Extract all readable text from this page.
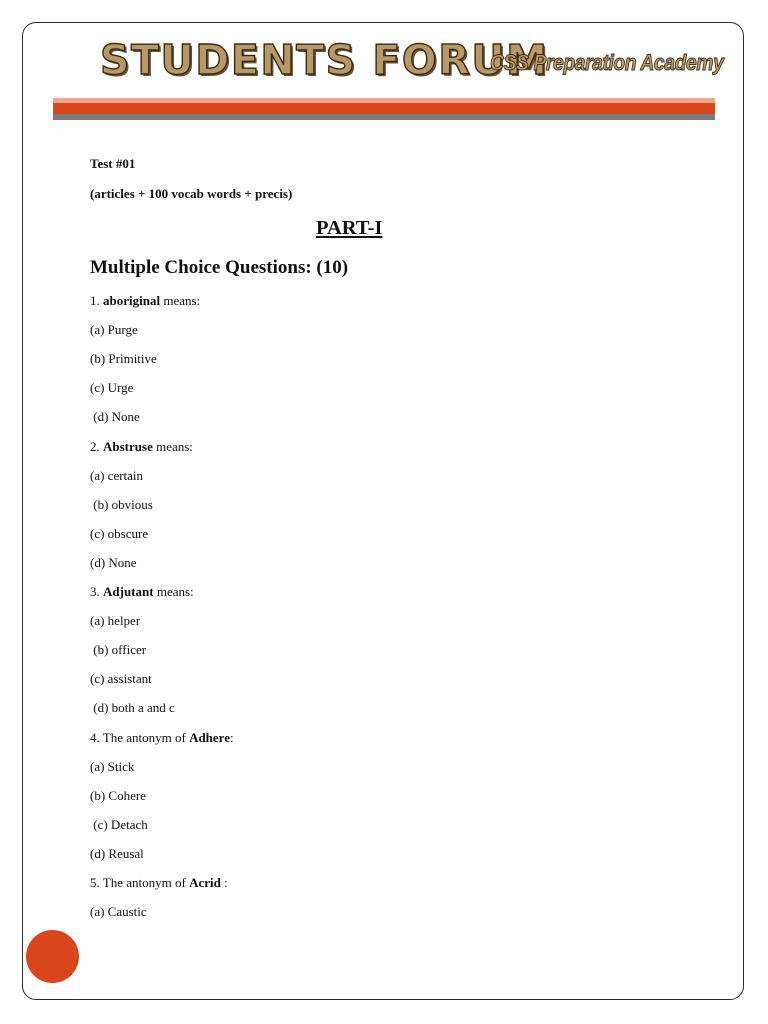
STUDENTS FORUM
CSS Preparation Academy
Test #01
(articles + 100 vocab words + precis)
PART-I
Multiple Choice Questions: (10)
1. aboriginal means:
(a) Purge
(b) Primitive
(c) Urge
(d) None
2. Abstruse means:
(a) certain
(b) obvious
(c) obscure
(d) None
3. Adjutant means:
(a) helper
(b) officer
(c) assistant
(d) both a and c
4. The antonym of Adhere:
(a) Stick
(b) Cohere
(c) Detach
(d) Reusal
5. The antonym of Acrid :
(a) Caustic
